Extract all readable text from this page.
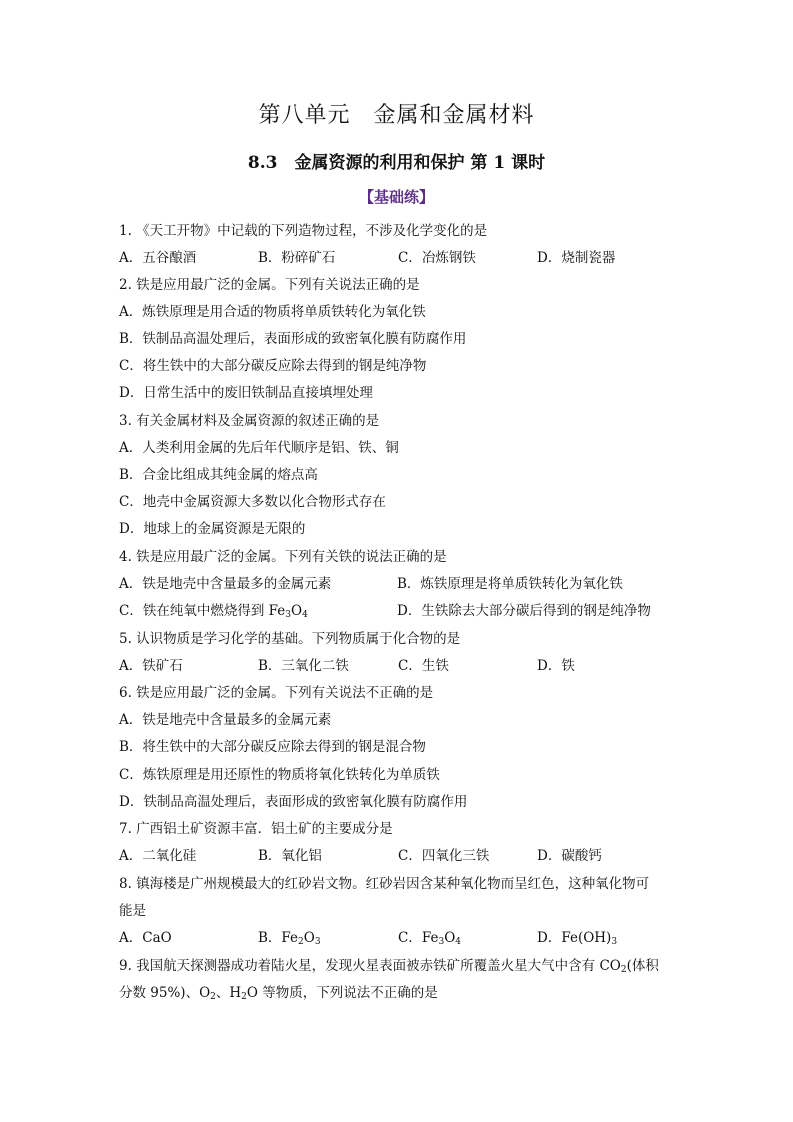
第八单元　金属和金属材料
8.3　金属资源的利用和保护 第 1 课时
【基础练】
1. 《天工开物》中记载的下列造物过程，不涉及化学变化的是
A．五谷酿酒	B．粉碎矿石	C．冶炼钢铁	D．烧制瓷器
2. 铁是应用最广泛的金属。下列有关说法正确的是
A．炼铁原理是用合适的物质将单质铁转化为氧化铁
B．铁制品高温处理后，表面形成的致密氧化膜有防腐作用
C．将生铁中的大部分碳反应除去得到的钢是纯净物
D．日常生活中的废旧铁制品直接填埋处理
3. 有关金属材料及金属资源的叙述正确的是
A．人类利用金属的先后年代顺序是铝、铁、铜
B．合金比组成其纯金属的熔点高
C．地壳中金属资源大多数以化合物形式存在
D．地球上的金属资源是无限的
4. 铁是应用最广泛的金属。下列有关铁的说法正确的是
A．铁是地壳中含量最多的金属元素	B．炼铁原理是将单质铁转化为氧化铁
C．铁在纯氧中燃烧得到 $Fe_3O_4$	D．生铁除去大部分碳后得到的钢是纯净物
5. 认识物质是学习化学的基础。下列物质属于化合物的是
A．铁矿石	B．三氧化二铁	C．生铁	D．铁
6. 铁是应用最广泛的金属。下列有关说法不正确的是
A．铁是地壳中含量最多的金属元素
B．将生铁中的大部分碳反应除去得到的钢是混合物
C．炼铁原理是用还原性的物质将氧化铁转化为单质铁
D．铁制品高温处理后，表面形成的致密氧化膜有防腐作用
7. 广西铝土矿资源丰富．铝土矿的主要成分是
A．二氧化硅	B．氧化铝	C．四氧化三铁	D．碳酸钙
8. 镇海楼是广州规模最大的红砂岩文物。红砂岩因含某种氧化物而呈红色，这种氧化物可
能是
A．CaO	B．$Fe_2O_3$	C．$Fe_3O_4$	D．$Fe(OH)_3$
9. 我国航天探测器成功着陆火星，发现火星表面被赤铁矿所覆盖火星大气中含有 $CO_2$(体积
分数 95%)、$O_2$、$H_2O$ 等物质，下列说法不正确的是
